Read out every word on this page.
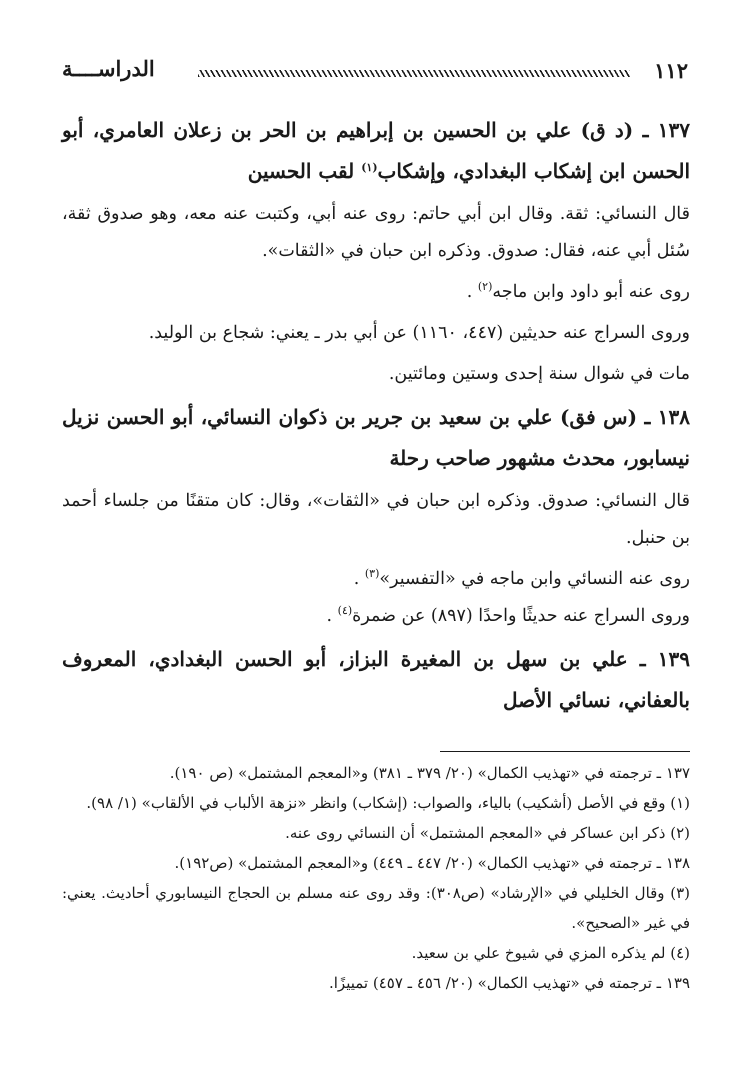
١١٢
الدراســــة

١٣٧ ـ (د ق) علي بن الحسين بن إبراهيم بن الحر بن زعلان العامري، أبو الحسن ابن إشكاب البغدادي، وإشكاب$^{(١)}$ لقب الحسين

قال النسائي: ثقة. وقال ابن أبي حاتم: روى عنه أبي، وكتبت عنه معه، وهو صدوق ثقة، سُئل أبي عنه، فقال: صدوق. وذكره ابن حبان في «الثقات».

روى عنه أبو داود وابن ماجه$^{(٢)}$ .

وروى السراج عنه حديثين (٤٤٧، ١١٦٠) عن أبي بدر ـ يعني: شجاع بن الوليد.

مات في شوال سنة إحدى وستين ومائتين.

١٣٨ ـ (س فق) علي بن سعيد بن جرير بن ذكوان النسائي، أبو الحسن نزيل نيسابور، محدث مشهور صاحب رحلة

قال النسائي: صدوق. وذكره ابن حبان في «الثقات»، وقال: كان متقنًا من جلساء أحمد بن حنبل.

روى عنه النسائي وابن ماجه في «التفسير»$^{(٣)}$ .

وروى السراج عنه حديثًا واحدًا (٨٩٧) عن ضمرة$^{(٤)}$ .

١٣٩ ـ علي بن سهل بن المغيرة البزاز، أبو الحسن البغدادي، المعروف بالعفاني، نسائي الأصل

١٣٧ ـ ترجمته في «تهذيب الكمال» (٢٠/ ٣٧٩ ـ ٣٨١) و«المعجم المشتمل» (ص ١٩٠).

(١) وقع في الأصل (أشكيب) بالياء، والصواب: (إشكاب) وانظر «نزهة الألباب في الألقاب» (١/ ٩٨).

(٢) ذكر ابن عساكر في «المعجم المشتمل» أن النسائي روى عنه.

١٣٨ ـ ترجمته في «تهذيب الكمال» (٢٠/ ٤٤٧ ـ ٤٤٩) و«المعجم المشتمل» (ص١٩٢).

(٣) وقال الخليلي في «الإرشاد» (ص٣٠٨): وقد روى عنه مسلم بن الحجاج النيسابوري أحاديث. يعني: في غير «الصحيح».

(٤) لم يذكره المزي في شيوخ علي بن سعيد.

١٣٩ ـ ترجمته في «تهذيب الكمال» (٢٠/ ٤٥٦ ـ ٤٥٧) تمييزًا.
